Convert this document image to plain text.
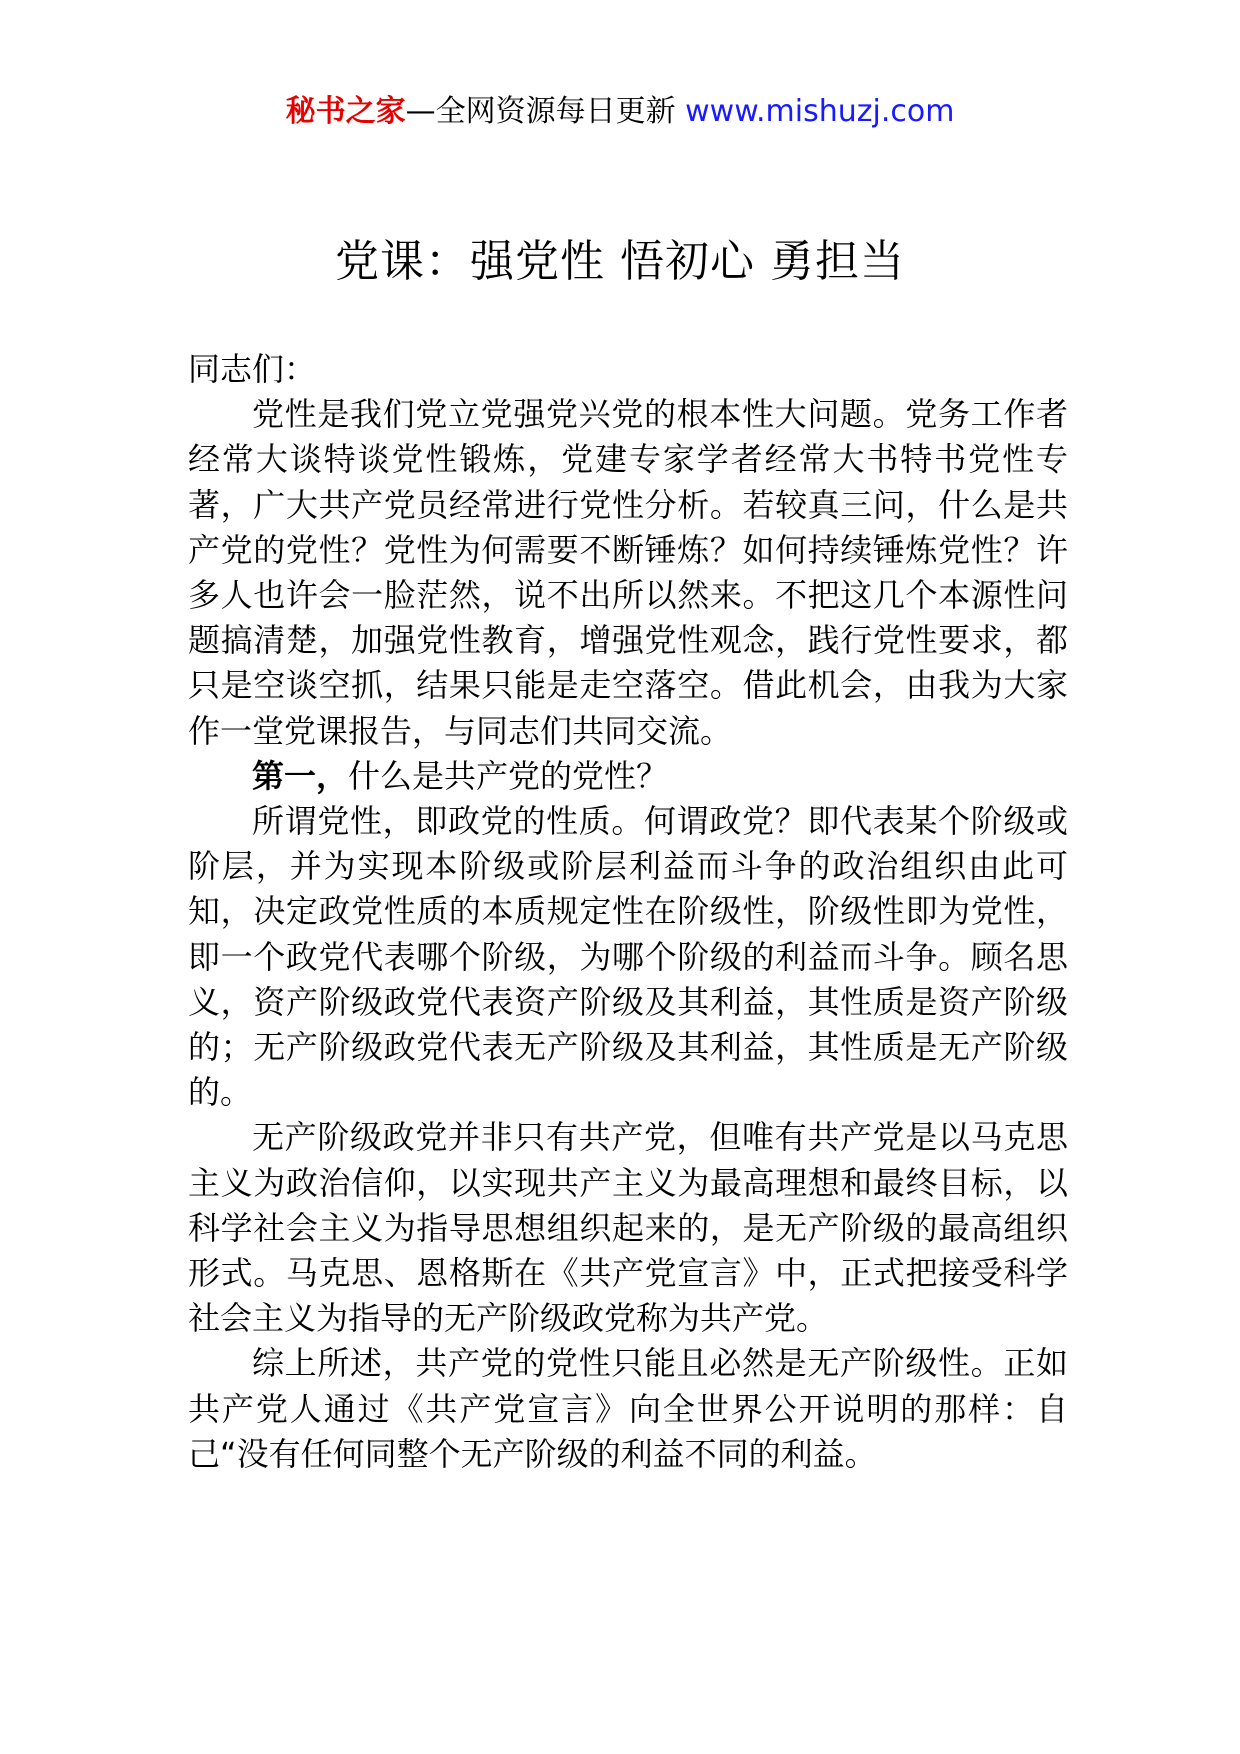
秘书之家—全网资源每日更新 www.mishuzj.com
党课：强党性 悟初心 勇担当

同志们：

党性是我们党立党强党兴党的根本性大问题。党务工作者经常大谈特谈党性锻炼，党建专家学者经常大书特书党性专著，广大共产党员经常进行党性分析。若较真三问，什么是共产党的党性？党性为何需要不断锤炼？如何持续锤炼党性？许多人也许会一脸茫然，说不出所以然来。不把这几个本源性问题搞清楚，加强党性教育，增强党性观念，践行党性要求，都只是空谈空抓，结果只能是走空落空。借此机会，由我为大家作一堂党课报告，与同志们共同交流。

第一，什么是共产党的党性？

所谓党性，即政党的性质。何谓政党？即代表某个阶级或阶层，并为实现本阶级或阶层利益而斗争的政治组织由此可知，决定政党性质的本质规定性在阶级性，阶级性即为党性，即一个政党代表哪个阶级，为哪个阶级的利益而斗争。顾名思义，资产阶级政党代表资产阶级及其利益，其性质是资产阶级的；无产阶级政党代表无产阶级及其利益，其性质是无产阶级的。

无产阶级政党并非只有共产党，但唯有共产党是以马克思主义为政治信仰，以实现共产主义为最高理想和最终目标，以科学社会主义为指导思想组织起来的，是无产阶级的最高组织形式。马克思、恩格斯在《共产党宣言》中，正式把接受科学社会主义为指导的无产阶级政党称为共产党。

综上所述，共产党的党性只能且必然是无产阶级性。正如共产党人通过《共产党宣言》向全世界公开说明的那样：自己“没有任何同整个无产阶级的利益不同的利益。
